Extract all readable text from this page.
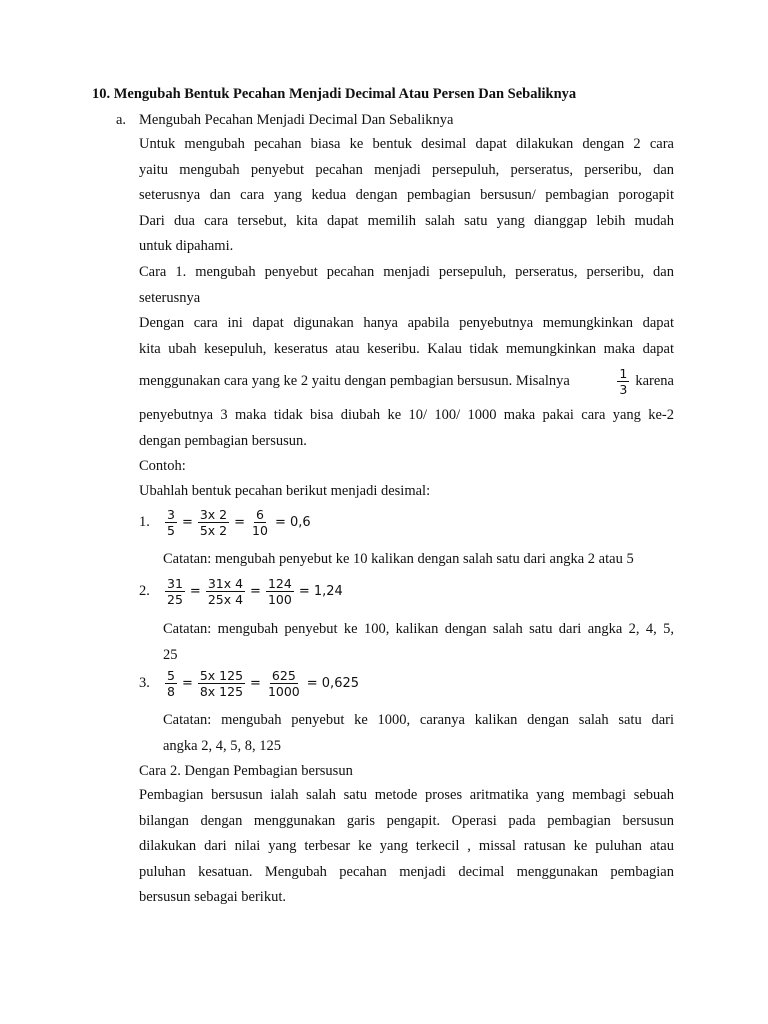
10. Mengubah Bentuk Pecahan Menjadi Decimal Atau Persen Dan Sebaliknya
a. Mengubah Pecahan Menjadi Decimal Dan Sebaliknya
Untuk mengubah pecahan biasa ke bentuk desimal dapat dilakukan dengan 2 cara
yaitu mengubah penyebut pecahan menjadi persepuluh, perseratus, perseribu, dan
seterusnya dan cara yang kedua dengan pembagian bersusun/ pembagian porogapit
Dari dua cara tersebut, kita dapat memilih salah satu yang dianggap lebih mudah
untuk dipahami.
Cara 1. mengubah penyebut pecahan menjadi persepuluh, perseratus, perseribu, dan
seterusnya
Dengan cara ini dapat digunakan hanya apabila penyebutnya memungkinkan dapat
kita ubah kesepuluh, keseratus atau keseribu. Kalau tidak memungkinkan maka dapat
menggunakan cara yang ke 2 yaitu dengan pembagian bersusun. Misalnya	$\frac{1}{3}$ karena
penyebutnya 3 maka tidak bisa diubah ke 10/ 100/ 1000 maka pakai cara yang ke-2
dengan pembagian bersusun.
Contoh:
Ubahlah bentuk pecahan berikut menjadi desimal:
1.	$\frac{3}{5} = \frac{3x 2}{5x 2} = \frac{6}{10} = 0,6$
Catatan: mengubah penyebut ke 10 kalikan dengan salah satu dari angka 2 atau 5
2.	$\frac{31}{25} = \frac{31x 4}{25x 4} = \frac{124}{100} = 1,24$
Catatan: mengubah penyebut ke 100, kalikan dengan salah satu dari angka 2, 4, 5,
25
3.	$\frac{5}{8} = \frac{5x 125}{8x 125} = \frac{625}{1000} = 0,625$
Catatan: mengubah penyebut ke 1000, caranya kalikan dengan salah satu dari
angka 2, 4, 5, 8, 125
Cara 2. Dengan Pembagian bersusun
Pembagian bersusun ialah salah satu metode proses aritmatika yang membagi sebuah
bilangan dengan menggunakan garis pengapit. Operasi pada pembagian bersusun
dilakukan dari nilai yang terbesar ke yang terkecil , missal ratusan ke puluhan atau
puluhan kesatuan. Mengubah pecahan menjadi decimal menggunakan pembagian
bersusun sebagai berikut.
